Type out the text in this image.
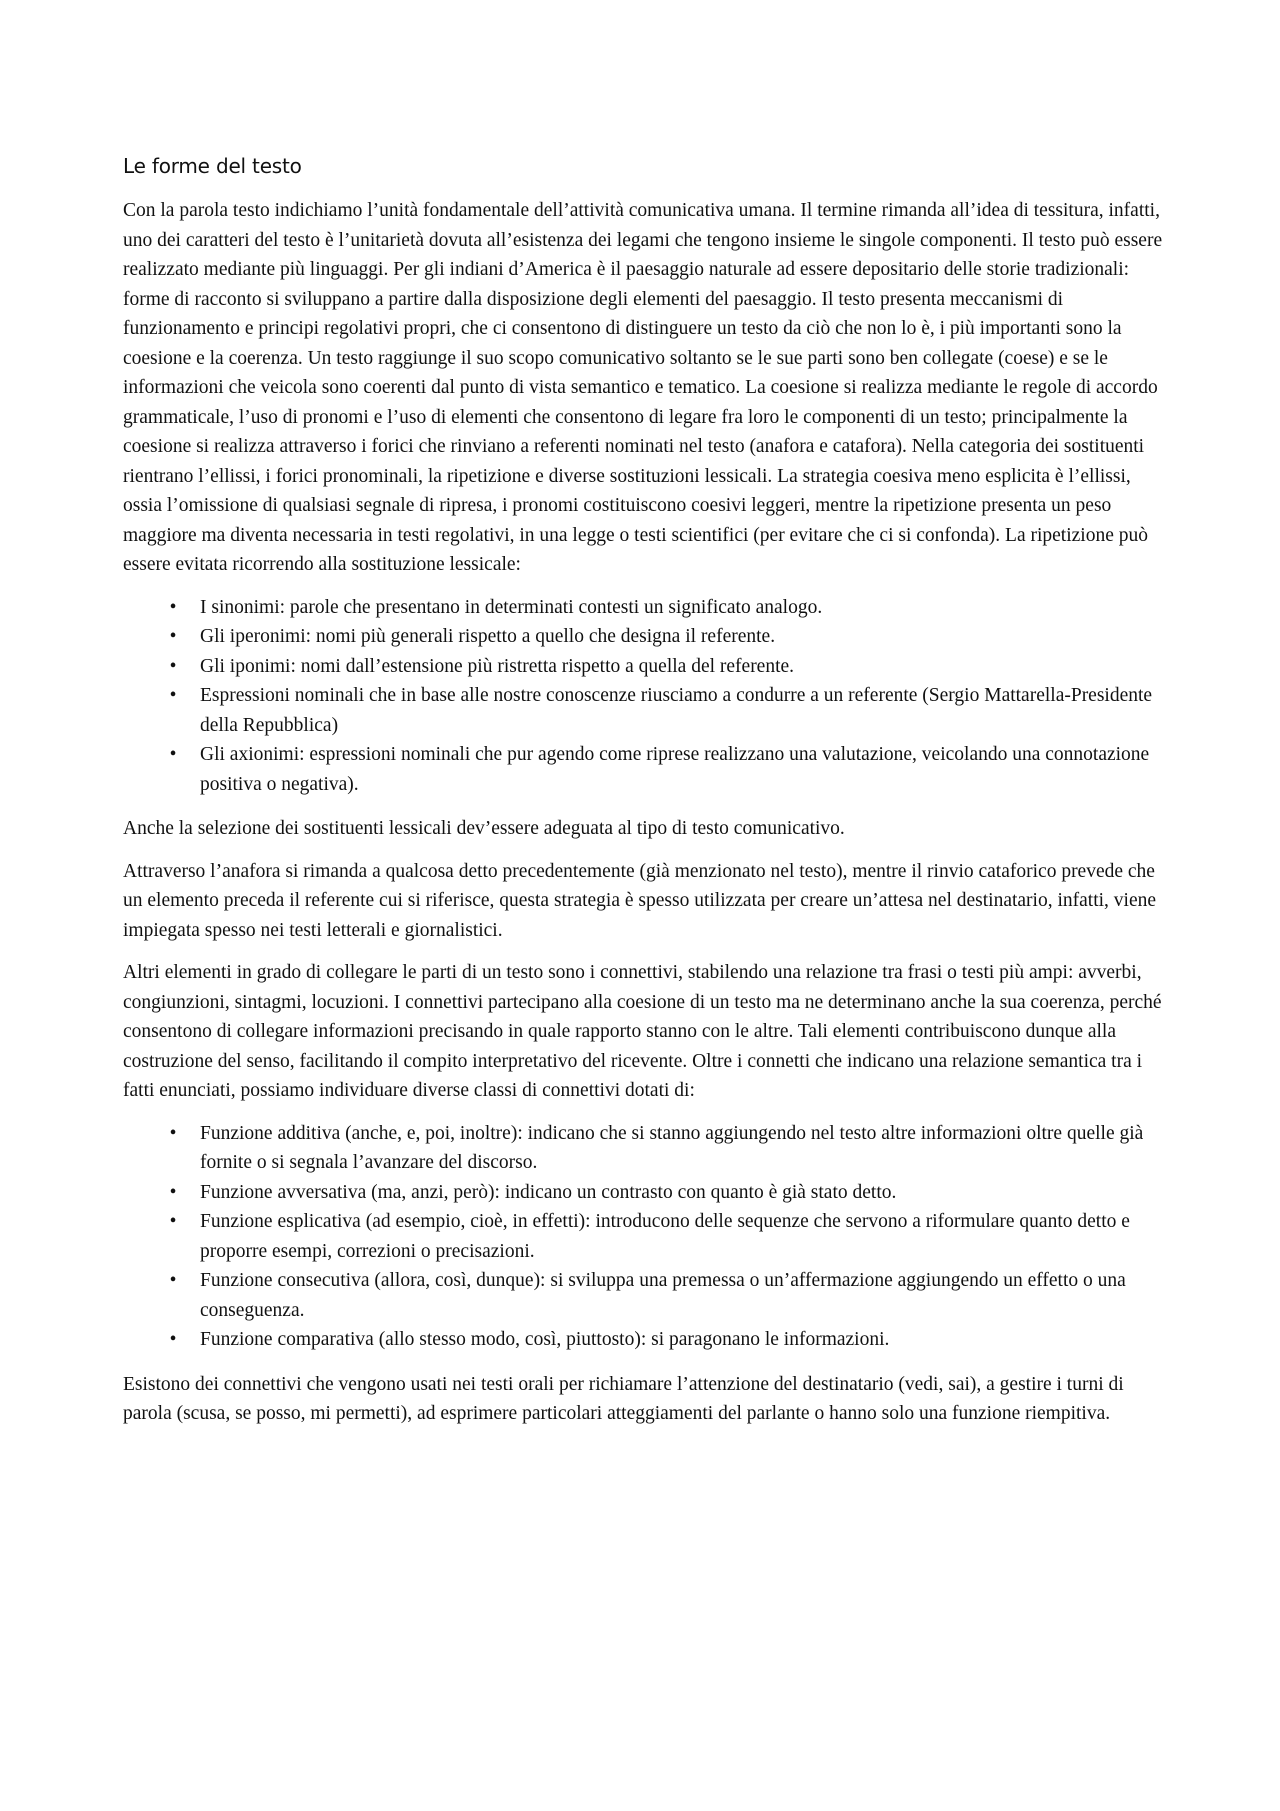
Le forme del testo

Con la parola testo indichiamo l’unità fondamentale dell’attività comunicativa umana. Il termine rimanda all’idea di tessitura, infatti, uno dei caratteri del testo è l’unitarietà dovuta all’esistenza dei legami che tengono insieme le singole componenti. Il testo può essere realizzato mediante più linguaggi. Per gli indiani d’America è il paesaggio naturale ad essere depositario delle storie tradizionali: forme di racconto si sviluppano a partire dalla disposizione degli elementi del paesaggio. Il testo presenta meccanismi di funzionamento e principi regolativi propri, che ci consentono di distinguere un testo da ciò che non lo è, i più importanti sono la coesione e la coerenza. Un testo raggiunge il suo scopo comunicativo soltanto se le sue parti sono ben collegate (coese) e se le informazioni che veicola sono coerenti dal punto di vista semantico e tematico. La coesione si realizza mediante le regole di accordo grammaticale, l’uso di pronomi e l’uso di elementi che consentono di legare fra loro le componenti di un testo; principalmente la coesione si realizza attraverso i forici che rinviano a referenti nominati nel testo (anafora e catafora). Nella categoria dei sostituenti rientrano l’ellissi, i forici pronominali, la ripetizione e diverse sostituzioni lessicali. La strategia coesiva meno esplicita è l’ellissi, ossia l’omissione di qualsiasi segnale di ripresa, i pronomi costituiscono coesivi leggeri, mentre la ripetizione presenta un peso maggiore ma diventa necessaria in testi regolativi, in una legge o testi scientifici (per evitare che ci si confonda). La ripetizione può essere evitata ricorrendo alla sostituzione lessicale:

•	I sinonimi: parole che presentano in determinati contesti un significato analogo.
•	Gli iperonimi: nomi più generali rispetto a quello che designa il referente.
•	Gli iponimi: nomi dall’estensione più ristretta rispetto a quella del referente.
•	Espressioni nominali che in base alle nostre conoscenze riusciamo a condurre a un referente (Sergio Mattarella-Presidente della Repubblica)
•	Gli axionimi: espressioni nominali che pur agendo come riprese realizzano una valutazione, veicolando una connotazione positiva o negativa).

Anche la selezione dei sostituenti lessicali dev’essere adeguata al tipo di testo comunicativo.

Attraverso l’anafora si rimanda a qualcosa detto precedentemente (già menzionato nel testo), mentre il rinvio cataforico prevede che un elemento preceda il referente cui si riferisce, questa strategia è spesso utilizzata per creare un’attesa nel destinatario, infatti, viene impiegata spesso nei testi letterali e giornalistici.

Altri elementi in grado di collegare le parti di un testo sono i connettivi, stabilendo una relazione tra frasi o testi più ampi: avverbi, congiunzioni, sintagmi, locuzioni. I connettivi partecipano alla coesione di un testo ma ne determinano anche la sua coerenza, perché consentono di collegare informazioni precisando in quale rapporto stanno con le altre. Tali elementi contribuiscono dunque alla costruzione del senso, facilitando il compito interpretativo del ricevente. Oltre i connetti che indicano una relazione semantica tra i fatti enunciati, possiamo individuare diverse classi di connettivi dotati di:

•	Funzione additiva (anche, e, poi, inoltre): indicano che si stanno aggiungendo nel testo altre informazioni oltre quelle già fornite o si segnala l’avanzare del discorso.
•	Funzione avversativa (ma, anzi, però): indicano un contrasto con quanto è già stato detto.
•	Funzione esplicativa (ad esempio, cioè, in effetti): introducono delle sequenze che servono a riformulare quanto detto e proporre esempi, correzioni o precisazioni.
•	Funzione consecutiva (allora, così, dunque): si sviluppa una premessa o un’affermazione aggiungendo un effetto o una conseguenza.
•	Funzione comparativa (allo stesso modo, così, piuttosto): si paragonano le informazioni.

Esistono dei connettivi che vengono usati nei testi orali per richiamare l’attenzione del destinatario (vedi, sai), a gestire i turni di parola (scusa, se posso, mi permetti), ad esprimere particolari atteggiamenti del parlante o hanno solo una funzione riempitiva.
